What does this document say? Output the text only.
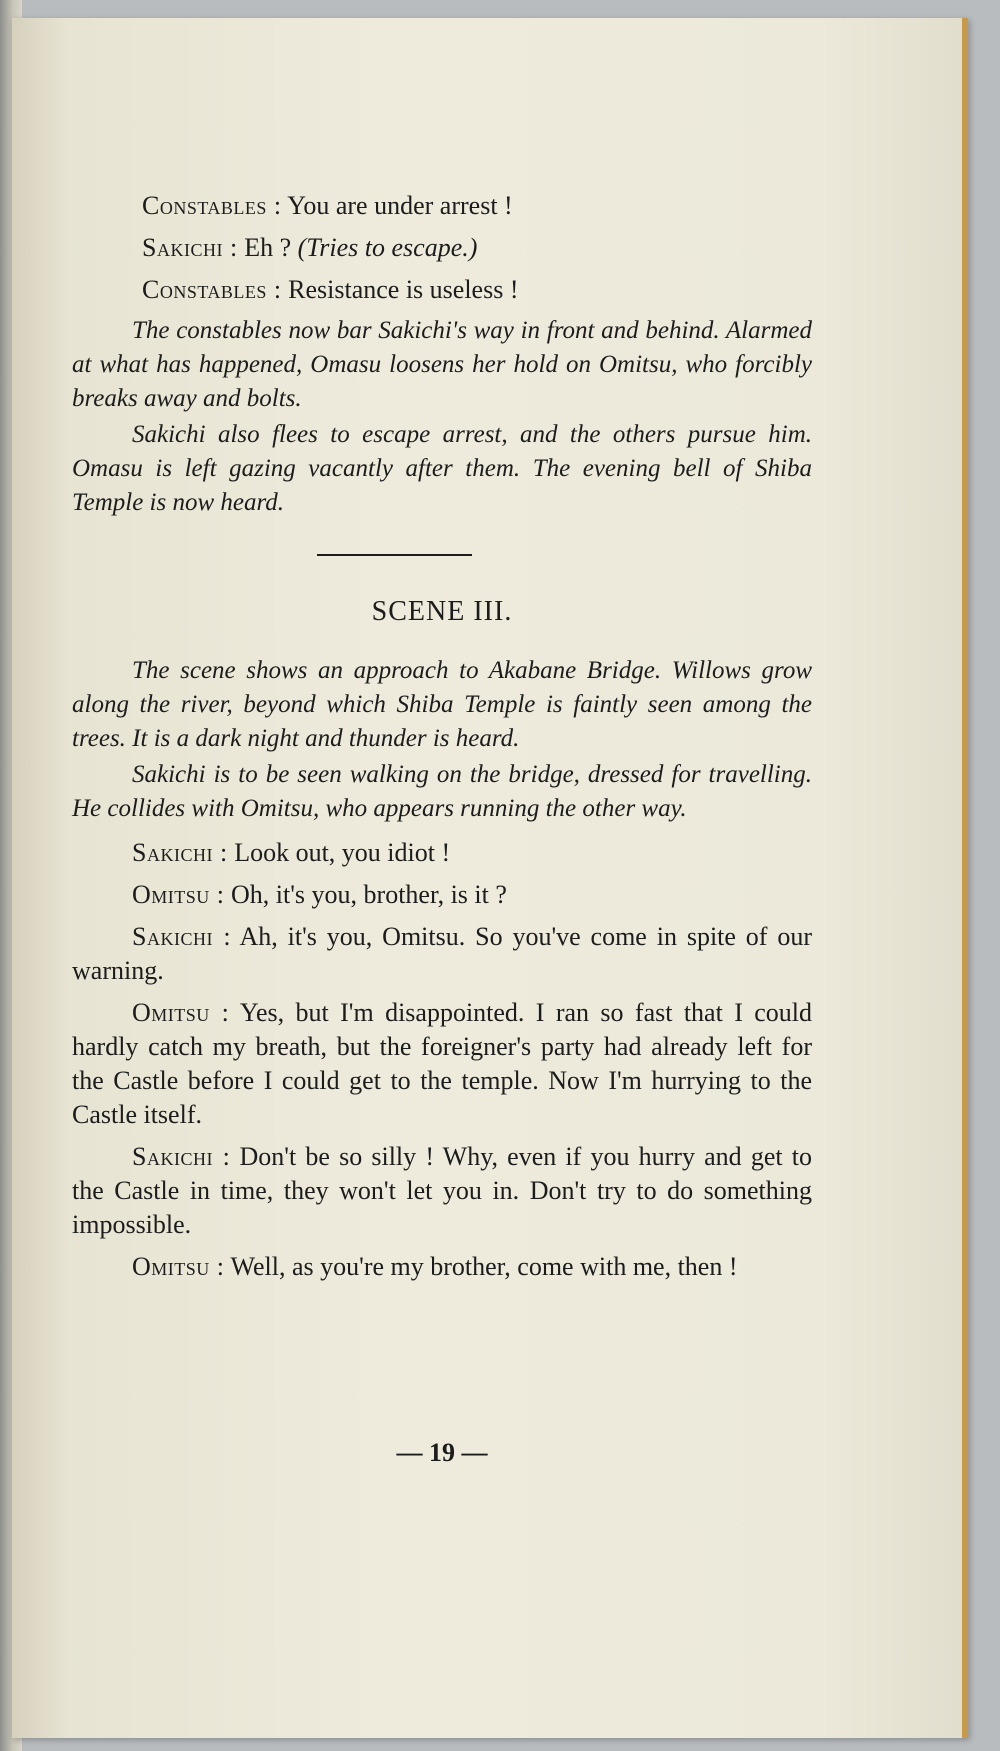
Constables : You are under arrest !

Sakichi : Eh ? (Tries to escape.)

Constables : Resistance is useless !

The constables now bar Sakichi's way in front and behind. Alarmed at what has happened, Omasu loosens her hold on Omitsu, who forcibly breaks away and bolts.

Sakichi also flees to escape arrest, and the others pursue him. Omasu is left gazing vacantly after them. The evening bell of Shiba Temple is now heard.

SCENE III.

The scene shows an approach to Akabane Bridge. Willows grow along the river, beyond which Shiba Temple is faintly seen among the trees. It is a dark night and thunder is heard.

Sakichi is to be seen walking on the bridge, dressed for travelling. He collides with Omitsu, who appears running the other way.

Sakichi : Look out, you idiot !

Omitsu : Oh, it's you, brother, is it ?

Sakichi : Ah, it's you, Omitsu. So you've come in spite of our warning.

Omitsu : Yes, but I'm disappointed. I ran so fast that I could hardly catch my breath, but the foreigner's party had already left for the Castle before I could get to the temple. Now I'm hurrying to the Castle itself.

Sakichi : Don't be so silly ! Why, even if you hurry and get to the Castle in time, they won't let you in. Don't try to do something impossible.

Omitsu : Well, as you're my brother, come with me, then !

— 19 —
